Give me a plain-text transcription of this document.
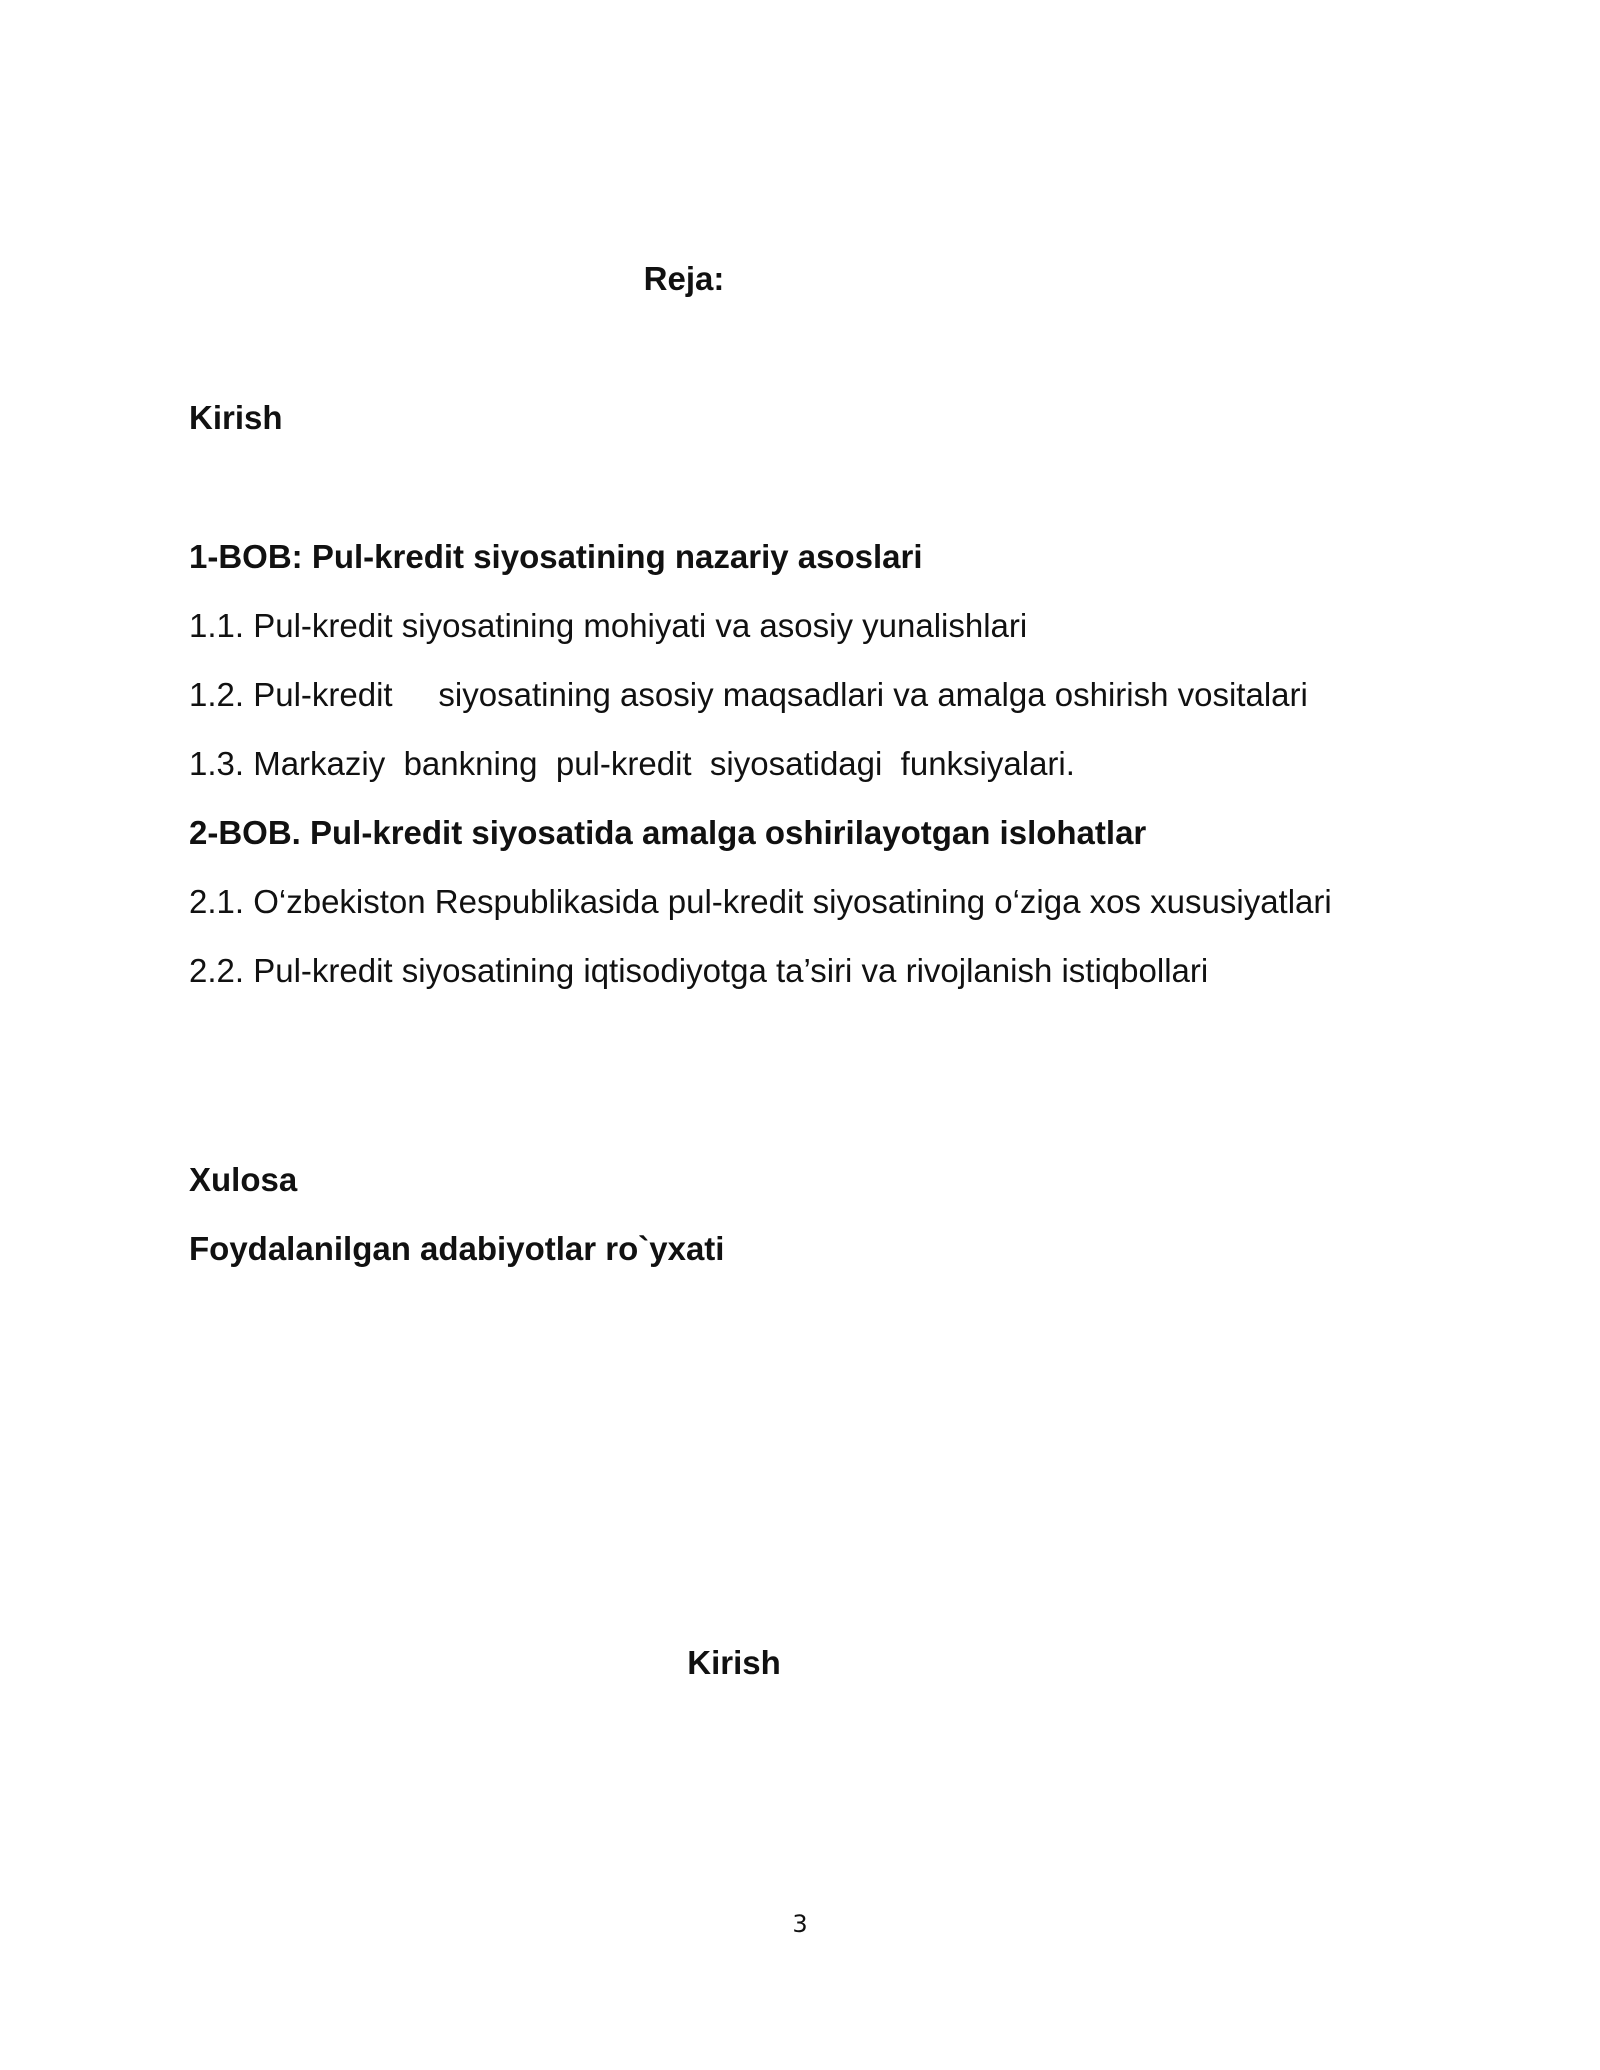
Reja:
Kirish
1-BOB: Pul-kredit siyosatining nazariy asoslari
1.1. Pul-kredit siyosatining mohiyati va asosiy yunalishlari
1.2. Pul-kredit     siyosatining asosiy maqsadlari va amalga oshirish vositalari
1.3. Markaziy  bankning  pul-kredit  siyosatidagi  funksiyalari.
2-BOB. Pul-kredit siyosatida amalga oshirilayotgan islohatlar
2.1. O‘zbekiston Respublikasida pul-kredit siyosatining o‘ziga xos xususiyatlari
2.2. Pul-kredit siyosatining iqtisodiyotga ta’siri va rivojlanish istiqbollari
Xulosa
Foydalanilgan adabiyotlar ro`yxati
Kirish
3
